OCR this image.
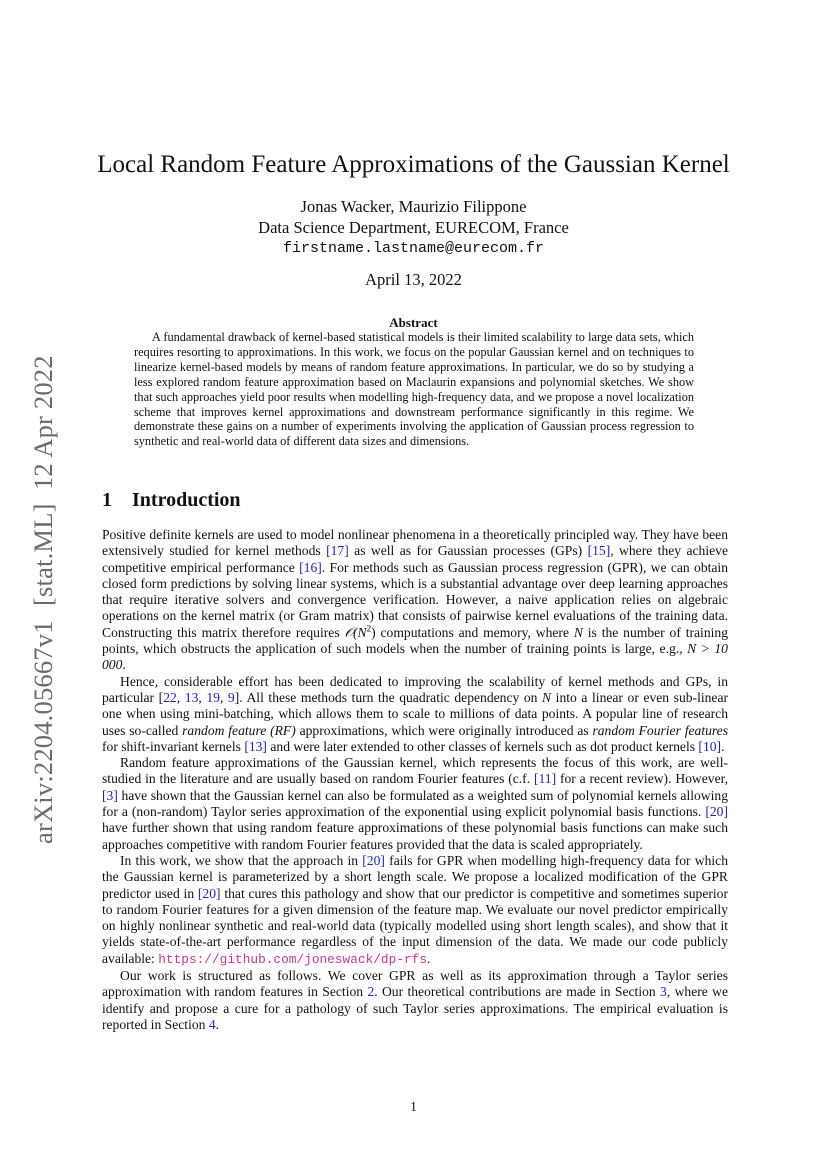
arXiv:2204.05667v1[stat.ML]12 Apr 2022
Local Random Feature Approximations of the Gaussian Kernel
Jonas Wacker, Maurizio Filippone
Data Science Department, EURECOM, France
firstname.lastname@eurecom.fr
April 13, 2022
Abstract

A fundamental drawback of kernel-based statistical models is their limited scalability to large data sets, which requires resorting to approximations. In this work, we focus on the popular Gaussian kernel and on techniques to linearize kernel-based models by means of random feature approximations. In particular, we do so by studying a less explored random feature approximation based on Maclaurin expansions and polynomial sketches. We show that such approaches yield poor results when modelling high-frequency data, and we propose a novel localization scheme that improves kernel approximations and downstream performance significantly in this regime. We demonstrate these gains on a number of experiments involving the application of Gaussian process regression to synthetic and real-world data of different data sizes and dimensions.

1 Introduction

Positive definite kernels are used to model nonlinear phenomena in a theoretically principled way. They have been extensively studied for kernel methods [17] as well as for Gaussian processes (GPs) [15], where they achieve competitive empirical performance [16]. For methods such as Gaussian process regression (GPR), we can obtain closed form predictions by solving linear systems, which is a substantial advantage over deep learning approaches that require iterative solvers and convergence verification. However, a naive application relies on algebraic operations on the kernel matrix (or Gram matrix) that consists of pairwise kernel evaluations of the training data. Constructing this matrix therefore requires $𝒪(N^2)$ computations and memory, where N is the number of training points, which obstructs the application of such models when the number of training points is large, e.g., N > 10 000.

Hence, considerable effort has been dedicated to improving the scalability of kernel methods and GPs, in particular [22, 13, 19, 9]. All these methods turn the quadratic dependency on N into a linear or even sub-linear one when using mini-batching, which allows them to scale to millions of data points. A popular line of research uses so-called random feature (RF) approximations, which were originally introduced as random Fourier features for shift-invariant kernels [13] and were later extended to other classes of kernels such as dot product kernels [10].

Random feature approximations of the Gaussian kernel, which represents the focus of this work, are well-studied in the literature and are usually based on random Fourier features (c.f. [11] for a recent review). However, [3] have shown that the Gaussian kernel can also be formulated as a weighted sum of polynomial kernels allowing for a (non-random) Taylor series approximation of the exponential using explicit polynomial basis functions. [20] have further shown that using random feature approximations of these polynomial basis functions can make such approaches competitive with random Fourier features provided that the data is scaled appropriately.

In this work, we show that the approach in [20] fails for GPR when modelling high-frequency data for which the Gaussian kernel is parameterized by a short length scale. We propose a localized modification of the GPR predictor used in [20] that cures this pathology and show that our predictor is competitive and sometimes superior to random Fourier features for a given dimension of the feature map. We evaluate our novel predictor empirically on highly nonlinear synthetic and real-world data (typically modelled using short length scales), and show that it yields state-of-the-art performance regardless of the input dimension of the data. We made our code publicly available: https://github.com/joneswack/dp-rfs.

Our work is structured as follows. We cover GPR as well as its approximation through a Taylor series approximation with random features in Section 2. Our theoretical contributions are made in Section 3, where we identify and propose a cure for a pathology of such Taylor series approximations. The empirical evaluation is reported in Section 4.

1
